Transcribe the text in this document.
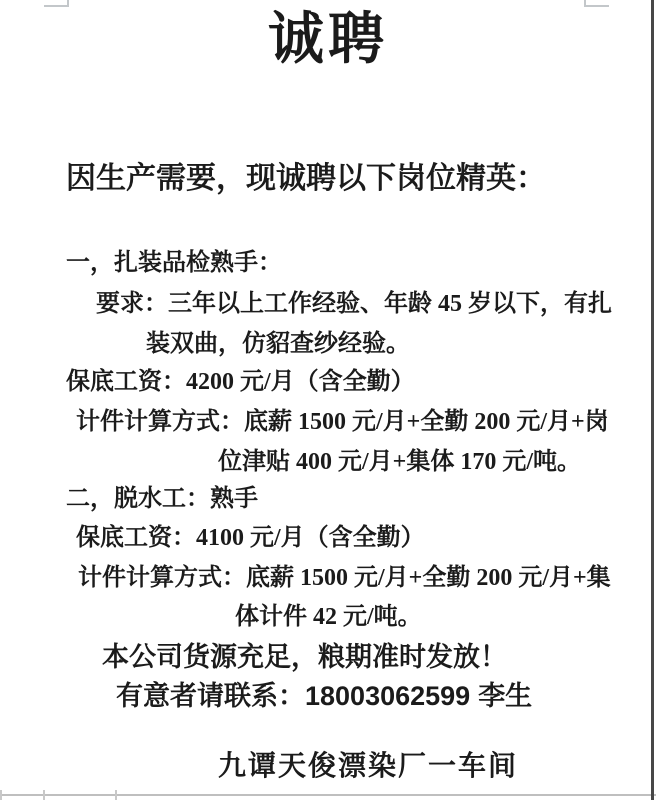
诚聘
因生产需要，现诚聘以下岗位精英：
一，扎装品检熟手：
要求：三年以上工作经验、年龄 45 岁以下，有扎
装双曲，仿貂查纱经验。
保底工资：4200 元/月（含全勤）
计件计算方式：底薪 1500 元/月+全勤 200 元/月+岗
位津贴 400 元/月+集体 170 元/吨。
二，脱水工：熟手
保底工资：4100 元/月（含全勤）
计件计算方式：底薪 1500 元/月+全勤 200 元/月+集
体计件 42 元/吨。
本公司货源充足，粮期准时发放！
有意者请联系：18003062599 李生
九谭天俊漂染厂一车间
